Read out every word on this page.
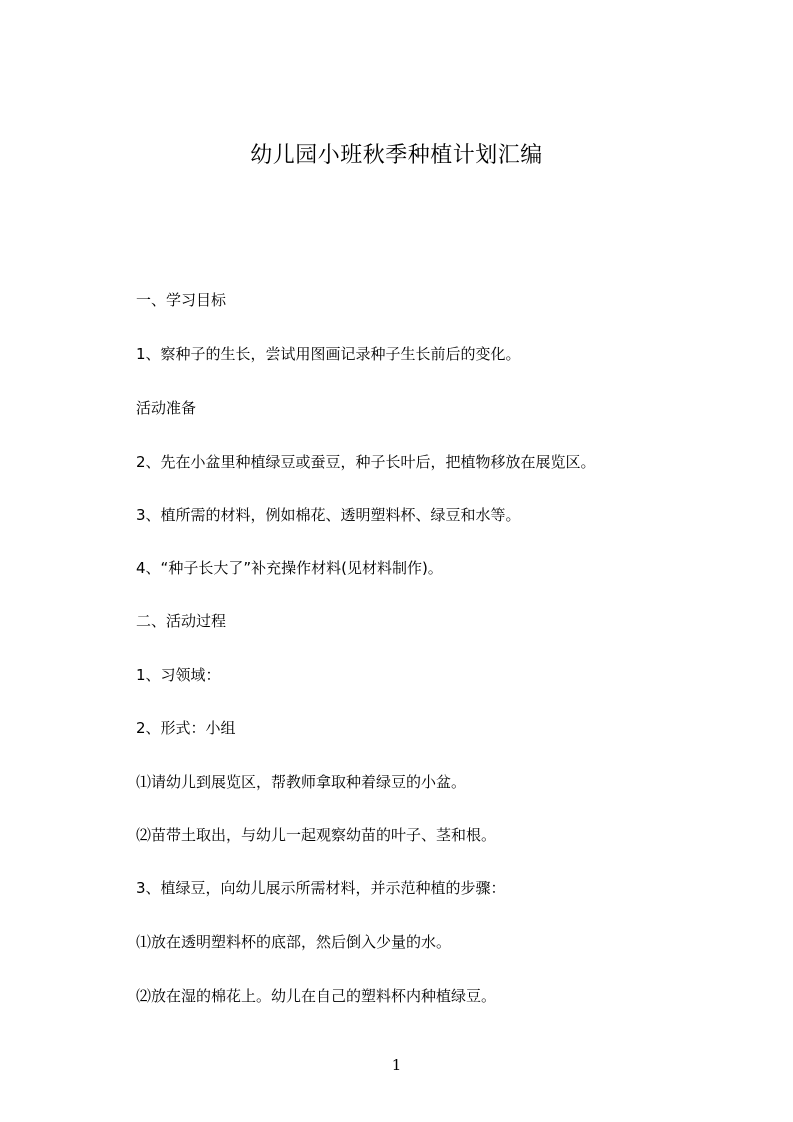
幼儿园小班秋季种植计划汇编
一、学习目标
1、察种子的生长，尝试用图画记录种子生长前后的变化。
活动准备
2、先在小盆里种植绿豆或蚕豆，种子长叶后，把植物移放在展览区。
3、植所需的材料，例如棉花、透明塑料杯、绿豆和水等。
4、“种子长大了”补充操作材料(见材料制作)。
二、活动过程
1、习领域：
2、形式：小组
⑴请幼儿到展览区，帮教师拿取种着绿豆的小盆。
⑵苗带土取出，与幼儿一起观察幼苗的叶子、茎和根。
3、植绿豆，向幼儿展示所需材料，并示范种植的步骤：
⑴放在透明塑料杯的底部，然后倒入少量的水。
⑵放在湿的棉花上。幼儿在自己的塑料杯内种植绿豆。
1
